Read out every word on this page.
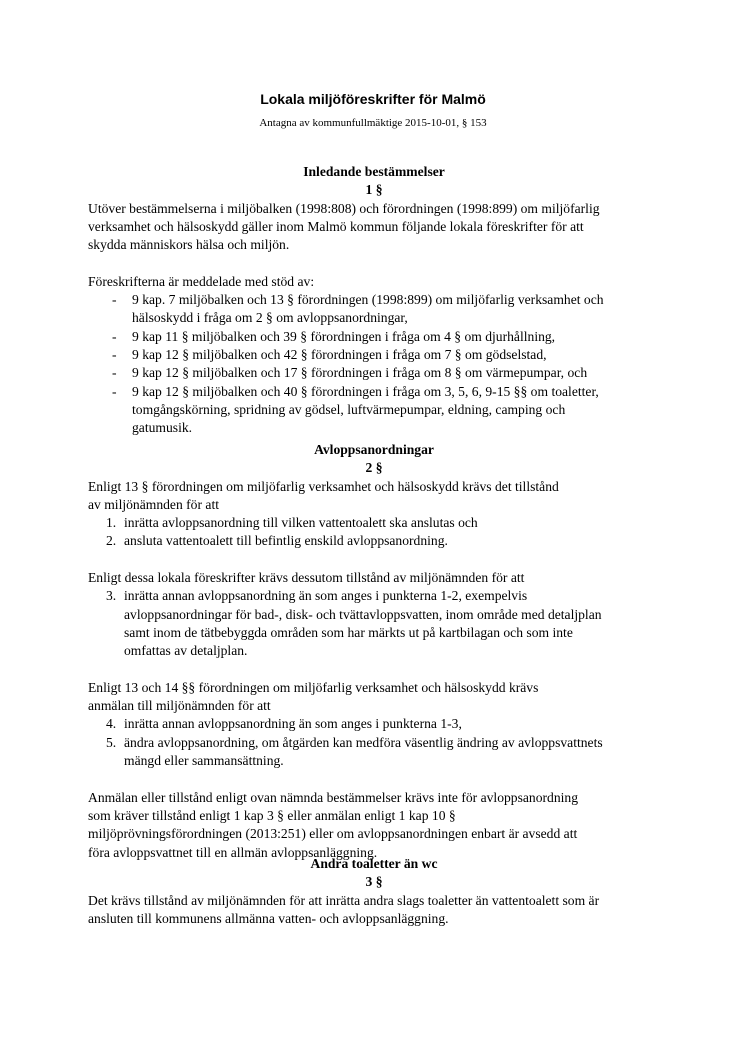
Lokala miljöföreskrifter för Malmö
Antagna av kommunfullmäktige 2015-10-01, § 153
Inledande bestämmelser
1 §
Utöver bestämmelserna i miljöbalken (1998:808) och förordningen (1998:899) om miljöfarlig
verksamhet och hälsoskydd gäller inom Malmö kommun följande lokala föreskrifter för att
skydda människors hälsa och miljön.
Föreskrifterna är meddelade med stöd av:
-	9 kap. 7 miljöbalken och 13 § förordningen (1998:899) om miljöfarlig verksamhet och
hälsoskydd i fråga om 2 § om avloppsanordningar,
-	9 kap 11 § miljöbalken och 39 § förordningen i fråga om 4 § om djurhållning,
-	9 kap 12 § miljöbalken och 42 § förordningen i fråga om 7 § om gödselstad,
-	9 kap 12 § miljöbalken och 17 § förordningen i fråga om 8 § om värmepumpar, och
-	9 kap 12 § miljöbalken och 40 § förordningen i fråga om 3, 5, 6, 9-15 §§ om toaletter,
tomgångskörning, spridning av gödsel, luftvärmepumpar, eldning, camping och
gatumusik.
Avloppsanordningar
2 §
Enligt 13 § förordningen om miljöfarlig verksamhet och hälsoskydd krävs det tillstånd
av miljönämnden för att
1. inrätta avloppsanordning till vilken vattentoalett ska anslutas och
2. ansluta vattentoalett till befintlig enskild avloppsanordning.
Enligt dessa lokala föreskrifter krävs dessutom tillstånd av miljönämnden för att
3. inrätta annan avloppsanordning än som anges i punkterna 1-2, exempelvis
avloppsanordningar för bad-, disk- och tvättavloppsvatten, inom område med detaljplan
samt inom de tätbebyggda områden som har märkts ut på kartbilagan och som inte
omfattas av detaljplan.
Enligt 13 och 14 §§ förordningen om miljöfarlig verksamhet och hälsoskydd krävs
anmälan till miljönämnden för att
4. inrätta annan avloppsanordning än som anges i punkterna 1-3,
5. ändra avloppsanordning, om åtgärden kan medföra väsentlig ändring av avloppsvattnets
mängd eller sammansättning.
Anmälan eller tillstånd enligt ovan nämnda bestämmelser krävs inte för avloppsanordning
som kräver tillstånd enligt 1 kap 3 § eller anmälan enligt 1 kap 10 §
miljöprövningsförordningen (2013:251) eller om avloppsanordningen enbart är avsedd att
föra avloppsvattnet till en allmän avloppsanläggning.
Andra toaletter än wc
3 §
Det krävs tillstånd av miljönämnden för att inrätta andra slags toaletter än vattentoalett som är
ansluten till kommunens allmänna vatten- och avloppsanläggning.
